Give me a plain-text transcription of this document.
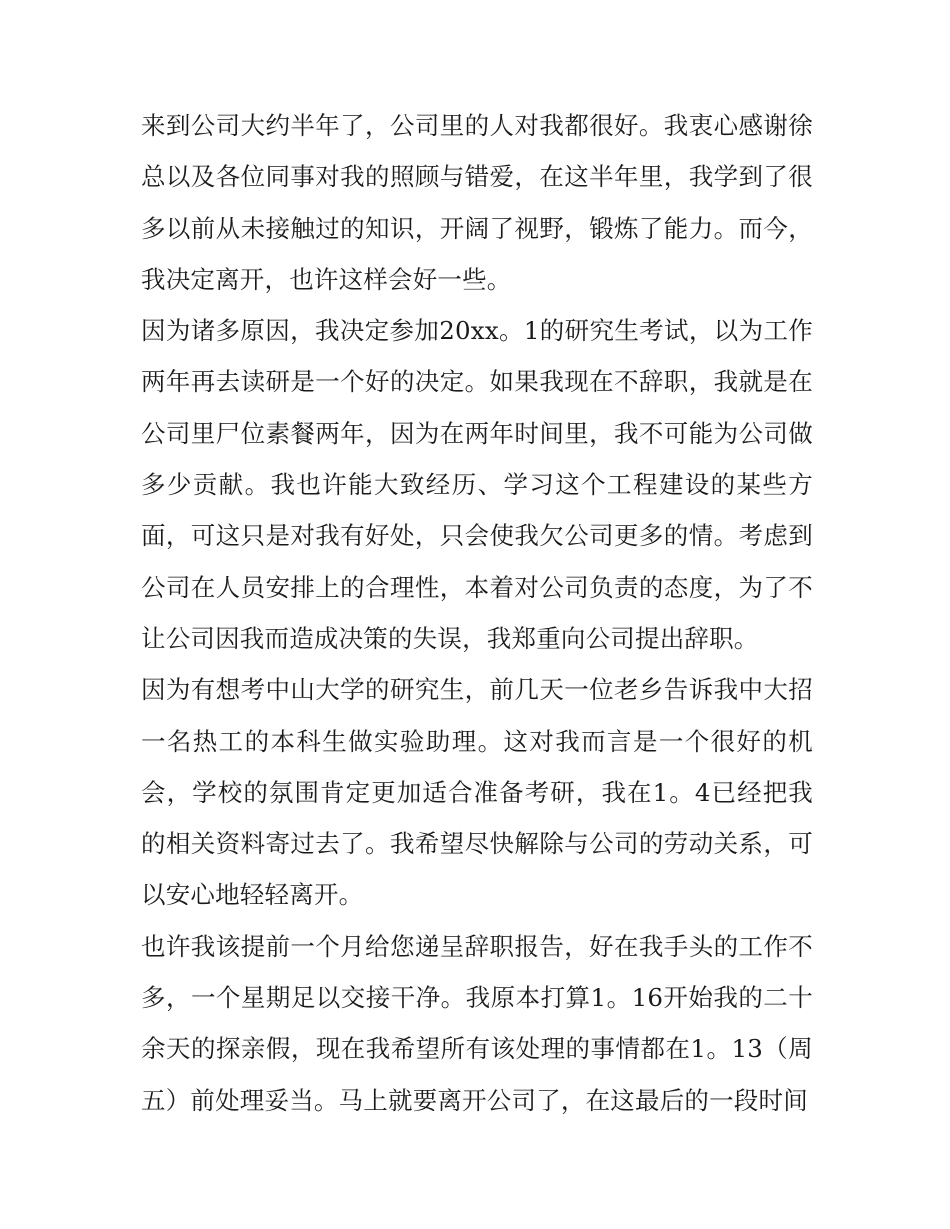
来到公司大约半年了，公司里的人对我都很好。我衷心感谢徐总以及各位同事对我的照顾与错爱，在这半年里，我学到了很多以前从未接触过的知识，开阔了视野，锻炼了能力。而今，我决定离开，也许这样会好一些。

因为诸多原因，我决定参加20xx。1的研究生考试，以为工作两年再去读研是一个好的决定。如果我现在不辞职，我就是在公司里尸位素餐两年，因为在两年时间里，我不可能为公司做多少贡献。我也许能大致经历、学习这个工程建设的某些方面，可这只是对我有好处，只会使我欠公司更多的情。考虑到公司在人员安排上的合理性，本着对公司负责的态度，为了不让公司因我而造成决策的失误，我郑重向公司提出辞职。

因为有想考中山大学的研究生，前几天一位老乡告诉我中大招一名热工的本科生做实验助理。这对我而言是一个很好的机会，学校的氛围肯定更加适合准备考研，我在1。4已经把我的相关资料寄过去了。我希望尽快解除与公司的劳动关系，可以安心地轻轻离开。

也许我该提前一个月给您递呈辞职报告，好在我手头的工作不多，一个星期足以交接干净。我原本打算1。16开始我的二十余天的探亲假，现在我希望所有该处理的事情都在1。13（周五）前处理妥当。马上就要离开公司了，在这最后的一段时间
